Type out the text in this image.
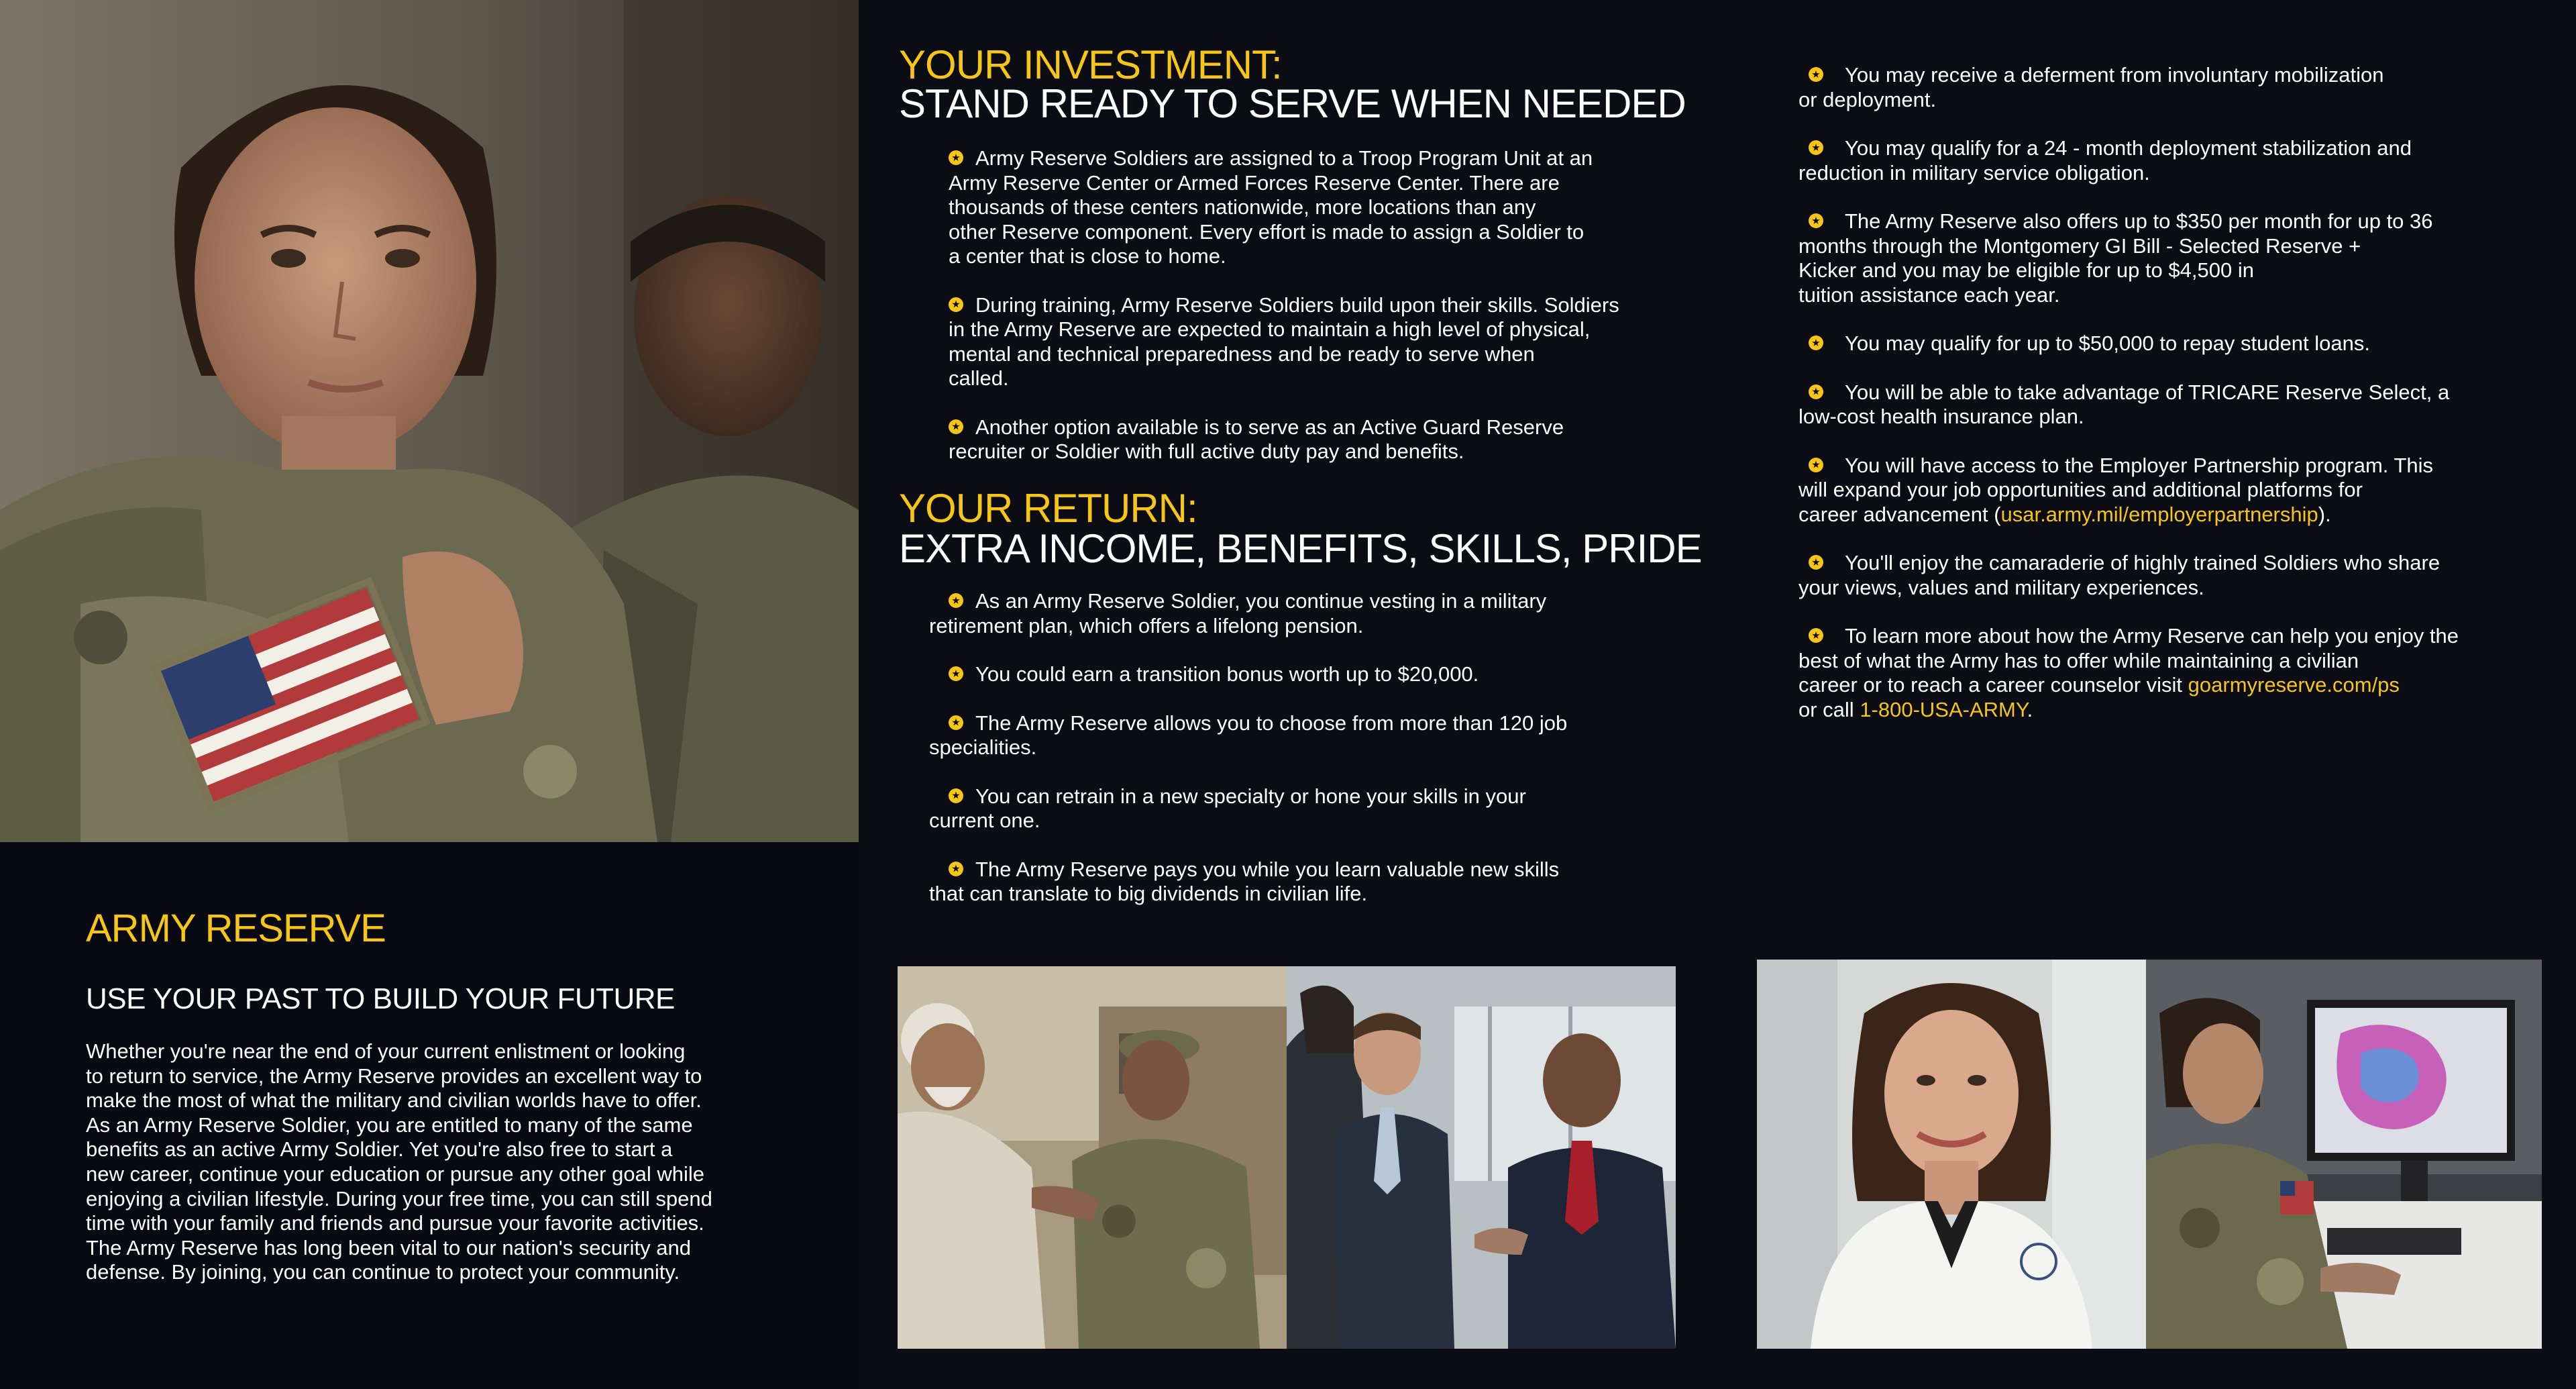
ARMY RESERVE
USE YOUR PAST TO BUILD YOUR FUTURE
Whether you're near the end of your current enlistment or looking
to return to service, the Army Reserve provides an excellent way to
make the most of what the military and civilian worlds have to offer.
As an Army Reserve Soldier, you are entitled to many of the same
benefits as an active Army Soldier. Yet you're also free to start a
new career, continue your education or pursue any other goal while
enjoying a civilian lifestyle. During your free time, you can still spend
time with your family and friends and pursue your favorite activities.
The Army Reserve has long been vital to our nation's security and
defense. By joining, you can continue to protect your community.
YOUR INVESTMENT:
STAND READY TO SERVE WHEN NEEDED
Army Reserve Soldiers are assigned to a Troop Program Unit at an
Army Reserve Center or Armed Forces Reserve Center. There are
thousands of these centers nationwide, more locations than any
other Reserve component. Every effort is made to assign a Soldier to
a center that is close to home.
During training, Army Reserve Soldiers build upon their skills. Soldiers
in the Army Reserve are expected to maintain a high level of physical,
mental and technical preparedness and be ready to serve when
called.
Another option available is to serve as an Active Guard Reserve
recruiter or Soldier with full active duty pay and benefits.
YOUR RETURN:
EXTRA INCOME, BENEFITS, SKILLS, PRIDE
As an Army Reserve Soldier, you continue vesting in a military
retirement plan, which offers a lifelong pension.
You could earn a transition bonus worth up to $20,000.
The Army Reserve allows you to choose from more than 120 job
specialities.
You can retrain in a new specialty or hone your skills in your
current one.
The Army Reserve pays you while you learn valuable new skills
that can translate to big dividends in civilian life.
You may receive a deferment from involuntary mobilization
or deployment.
You may qualify for a 24 - month deployment stabilization and
reduction in military service obligation.
The Army Reserve also offers up to $350 per month for up to 36
months through the Montgomery GI Bill - Selected Reserve +
Kicker and you may be eligible for up to $4,500 in
tuition assistance each year.
You may qualify for up to $50,000 to repay student loans.
You will be able to take advantage of TRICARE Reserve Select, a
low-cost health insurance plan.
You will have access to the Employer Partnership program. This
will expand your job opportunities and additional platforms for
career advancement (usar.army.mil/employerpartnership).
You'll enjoy the camaraderie of highly trained Soldiers who share
your views, values and military experiences.
To learn more about how the Army Reserve can help you enjoy the
best of what the Army has to offer while maintaining a civilian
career or to reach a career counselor visit goarmyreserve.com/ps
or call 1-800-USA-ARMY.
